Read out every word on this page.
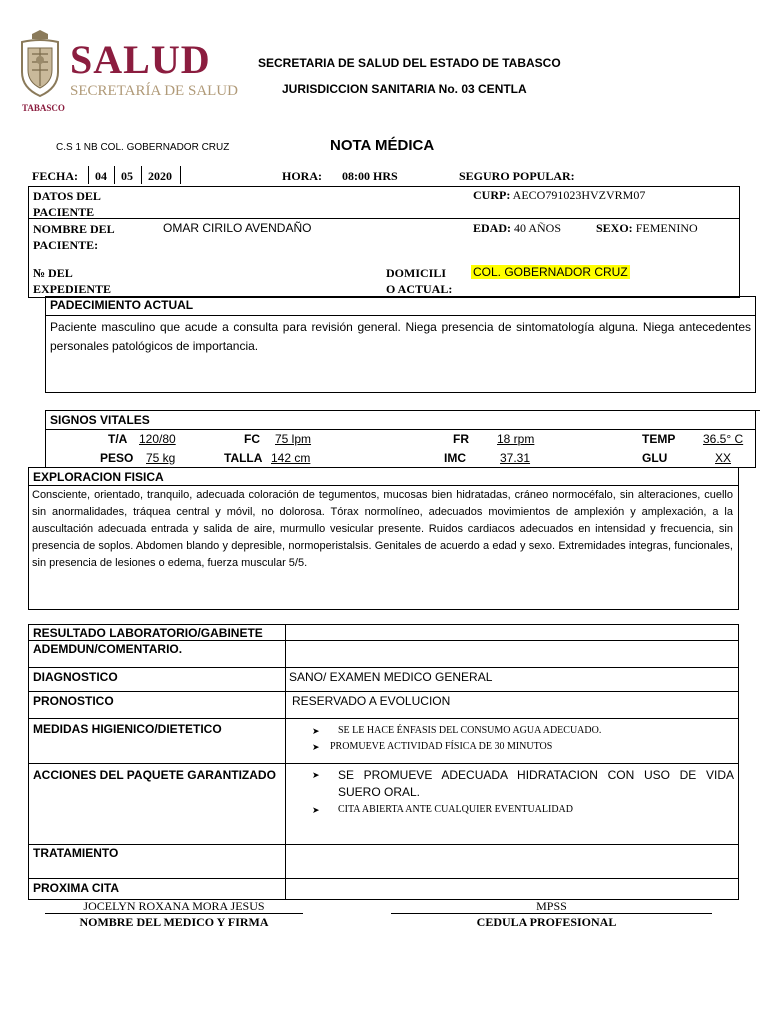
SALUD
SECRETARÍA DE SALUD
TABASCO
SECRETARIA DE SALUD DEL ESTADO DE TABASCO
JURISDICCION SANITARIA No. 03 CENTLA
C.S 1 NB COL. GOBERNADOR CRUZ	NOTA MÉDICA
FECHA: 04 05 2020	HORA: 08:00 HRS	SEGURO POPULAR:
DATOS DEL
PACIENTE
CURP: AECO791023HVZVRM07
NOMBRE DEL
PACIENTE:
OMAR CIRILO AVENDAÑO	EDAD: 40 AÑOS	SEXO: FEMENINO
№ DEL
EXPEDIENTE
DOMICILI
O ACTUAL:
COL. GOBERNADOR CRUZ
PADECIMIENTO ACTUAL
Paciente masculino que acude a consulta para revisión general. Niega presencia de sintomatología alguna. Niega antecedentes personales patológicos de importancia.
SIGNOS VITALES
T/A 120/80	FC	75 lpm	FR 18 rpm	TEMP 36.5° C
PESO 75 kg	TALLA 142 cm	IMC	37.31	GLU	XX
EXPLORACION FISICA
Consciente, orientado, tranquilo, adecuada coloración de tegumentos, mucosas bien hidratadas, cráneo normocéfalo, sin alteraciones, cuello sin anormalidades, tráquea central y móvil, no dolorosa. Tórax normolíneo, adecuados movimientos de amplexión y amplexación, a la auscultación adecuada entrada y salida de aire, murmullo vesicular presente. Ruidos cardiacos adecuados en intensidad y frecuencia, sin presencia de soplos. Abdomen blando y depresible, normoperistalsis. Genitales de acuerdo a edad y sexo. Extremidades integras, funcionales, sin presencia de lesiones o edema, fuerza muscular 5/5.
RESULTADO LABORATORIO/GABINETE
ADEMDUN/COMENTARIO.
DIAGNOSTICO	SANO/ EXAMEN MEDICO GENERAL
PRONOSTICO	RESERVADO A EVOLUCION
MEDIDAS HIGIENICO/DIETETICO	➤ SE LE HACE ÉNFASIS DEL CONSUMO AGUA ADECUADO.
➤ PROMUEVE ACTIVIDAD FÍSICA DE 30 MINUTOS
ACCIONES DEL PAQUETE GARANTIZADO	➤ SE PROMUEVE ADECUADA HIDRATACION CON USO DE VIDA SUERO ORAL.
➤ CITA ABIERTA ANTE CUALQUIER EVENTUALIDAD
TRATAMIENTO
PROXIMA CITA
JOCELYN ROXANA MORA JESUS
NOMBRE DEL MEDICO Y FIRMA
MPSS
CEDULA PROFESIONAL
